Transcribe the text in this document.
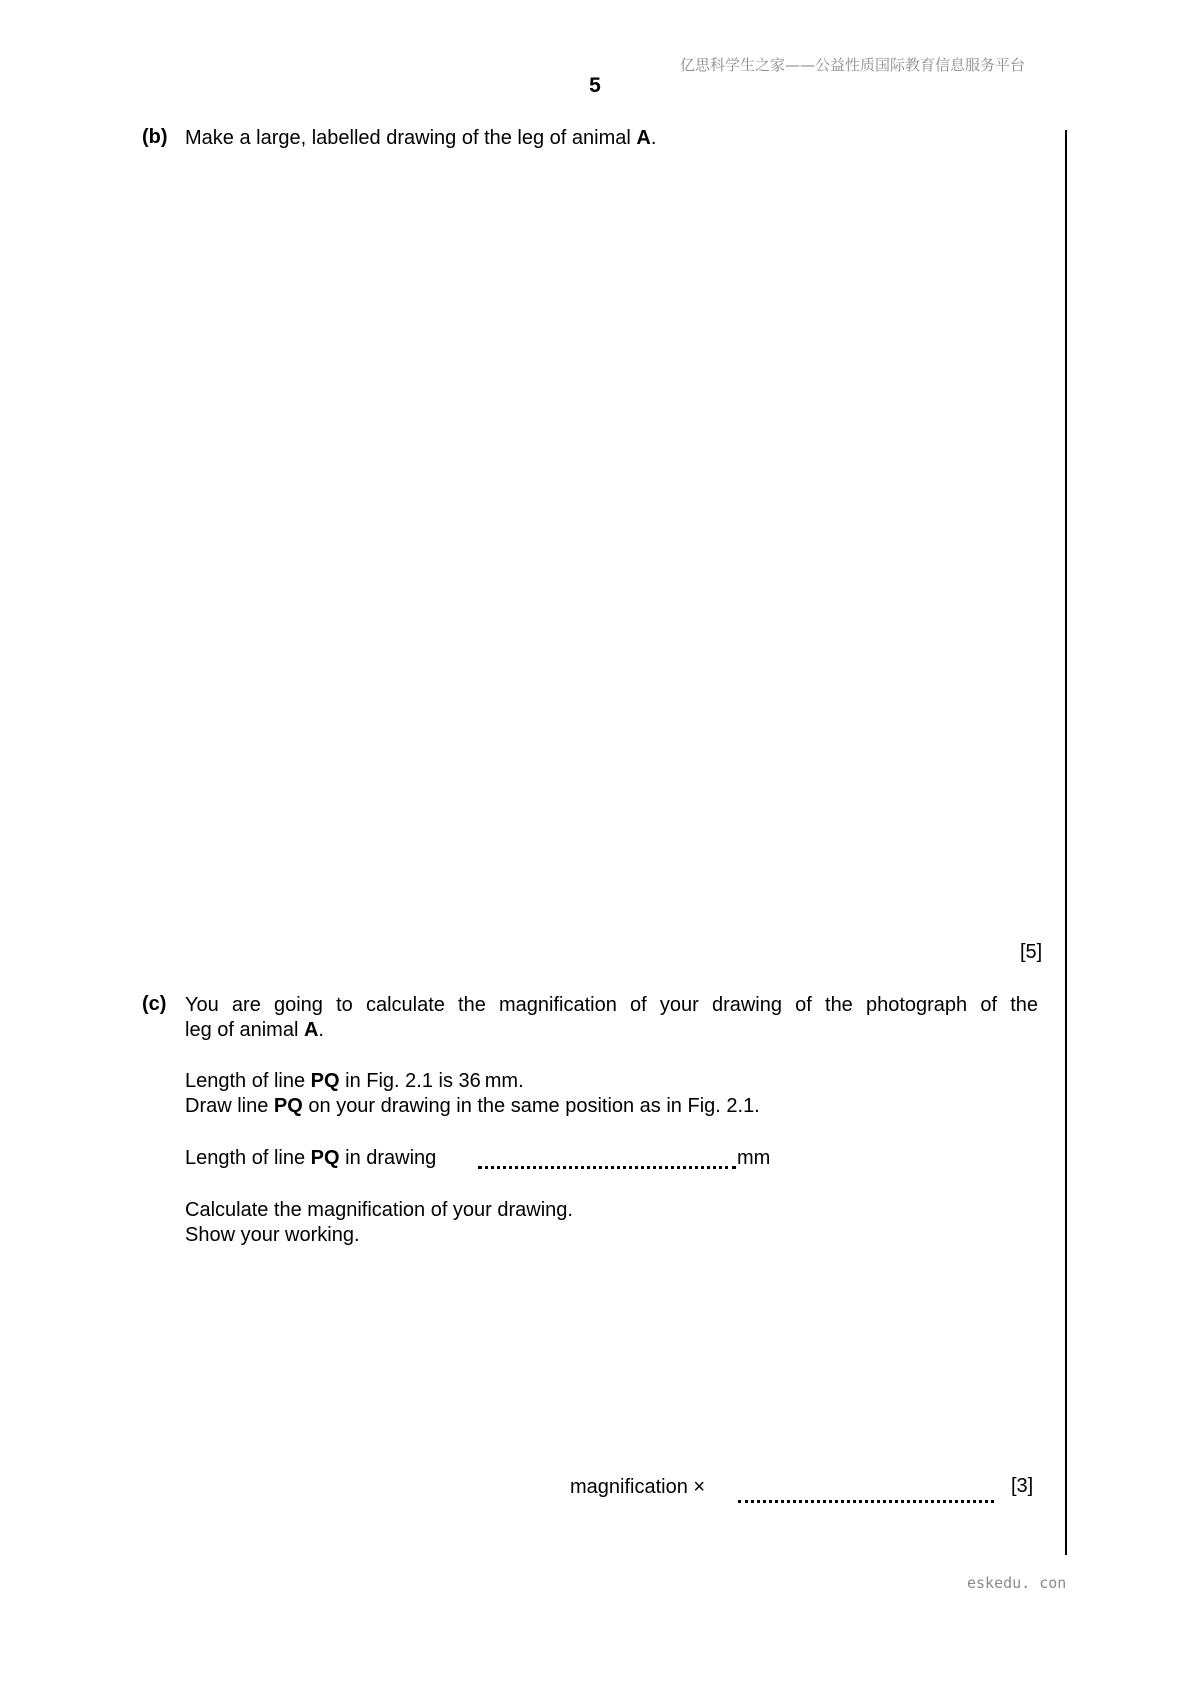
亿思科学生之家——公益性质国际教育信息服务平台
5
(b) Make a large, labelled drawing of the leg of animal A.
[5]
(c) You are going to calculate the magnification of your drawing of the photograph of the
leg of animal A.
Length of line PQ in Fig. 2.1 is 36 mm.
Draw line PQ on your drawing in the same position as in Fig. 2.1.
Length of line PQ in drawing	mm
Calculate the magnification of your drawing.
Show your working.
magnification ×	[3]
eskedu. con
